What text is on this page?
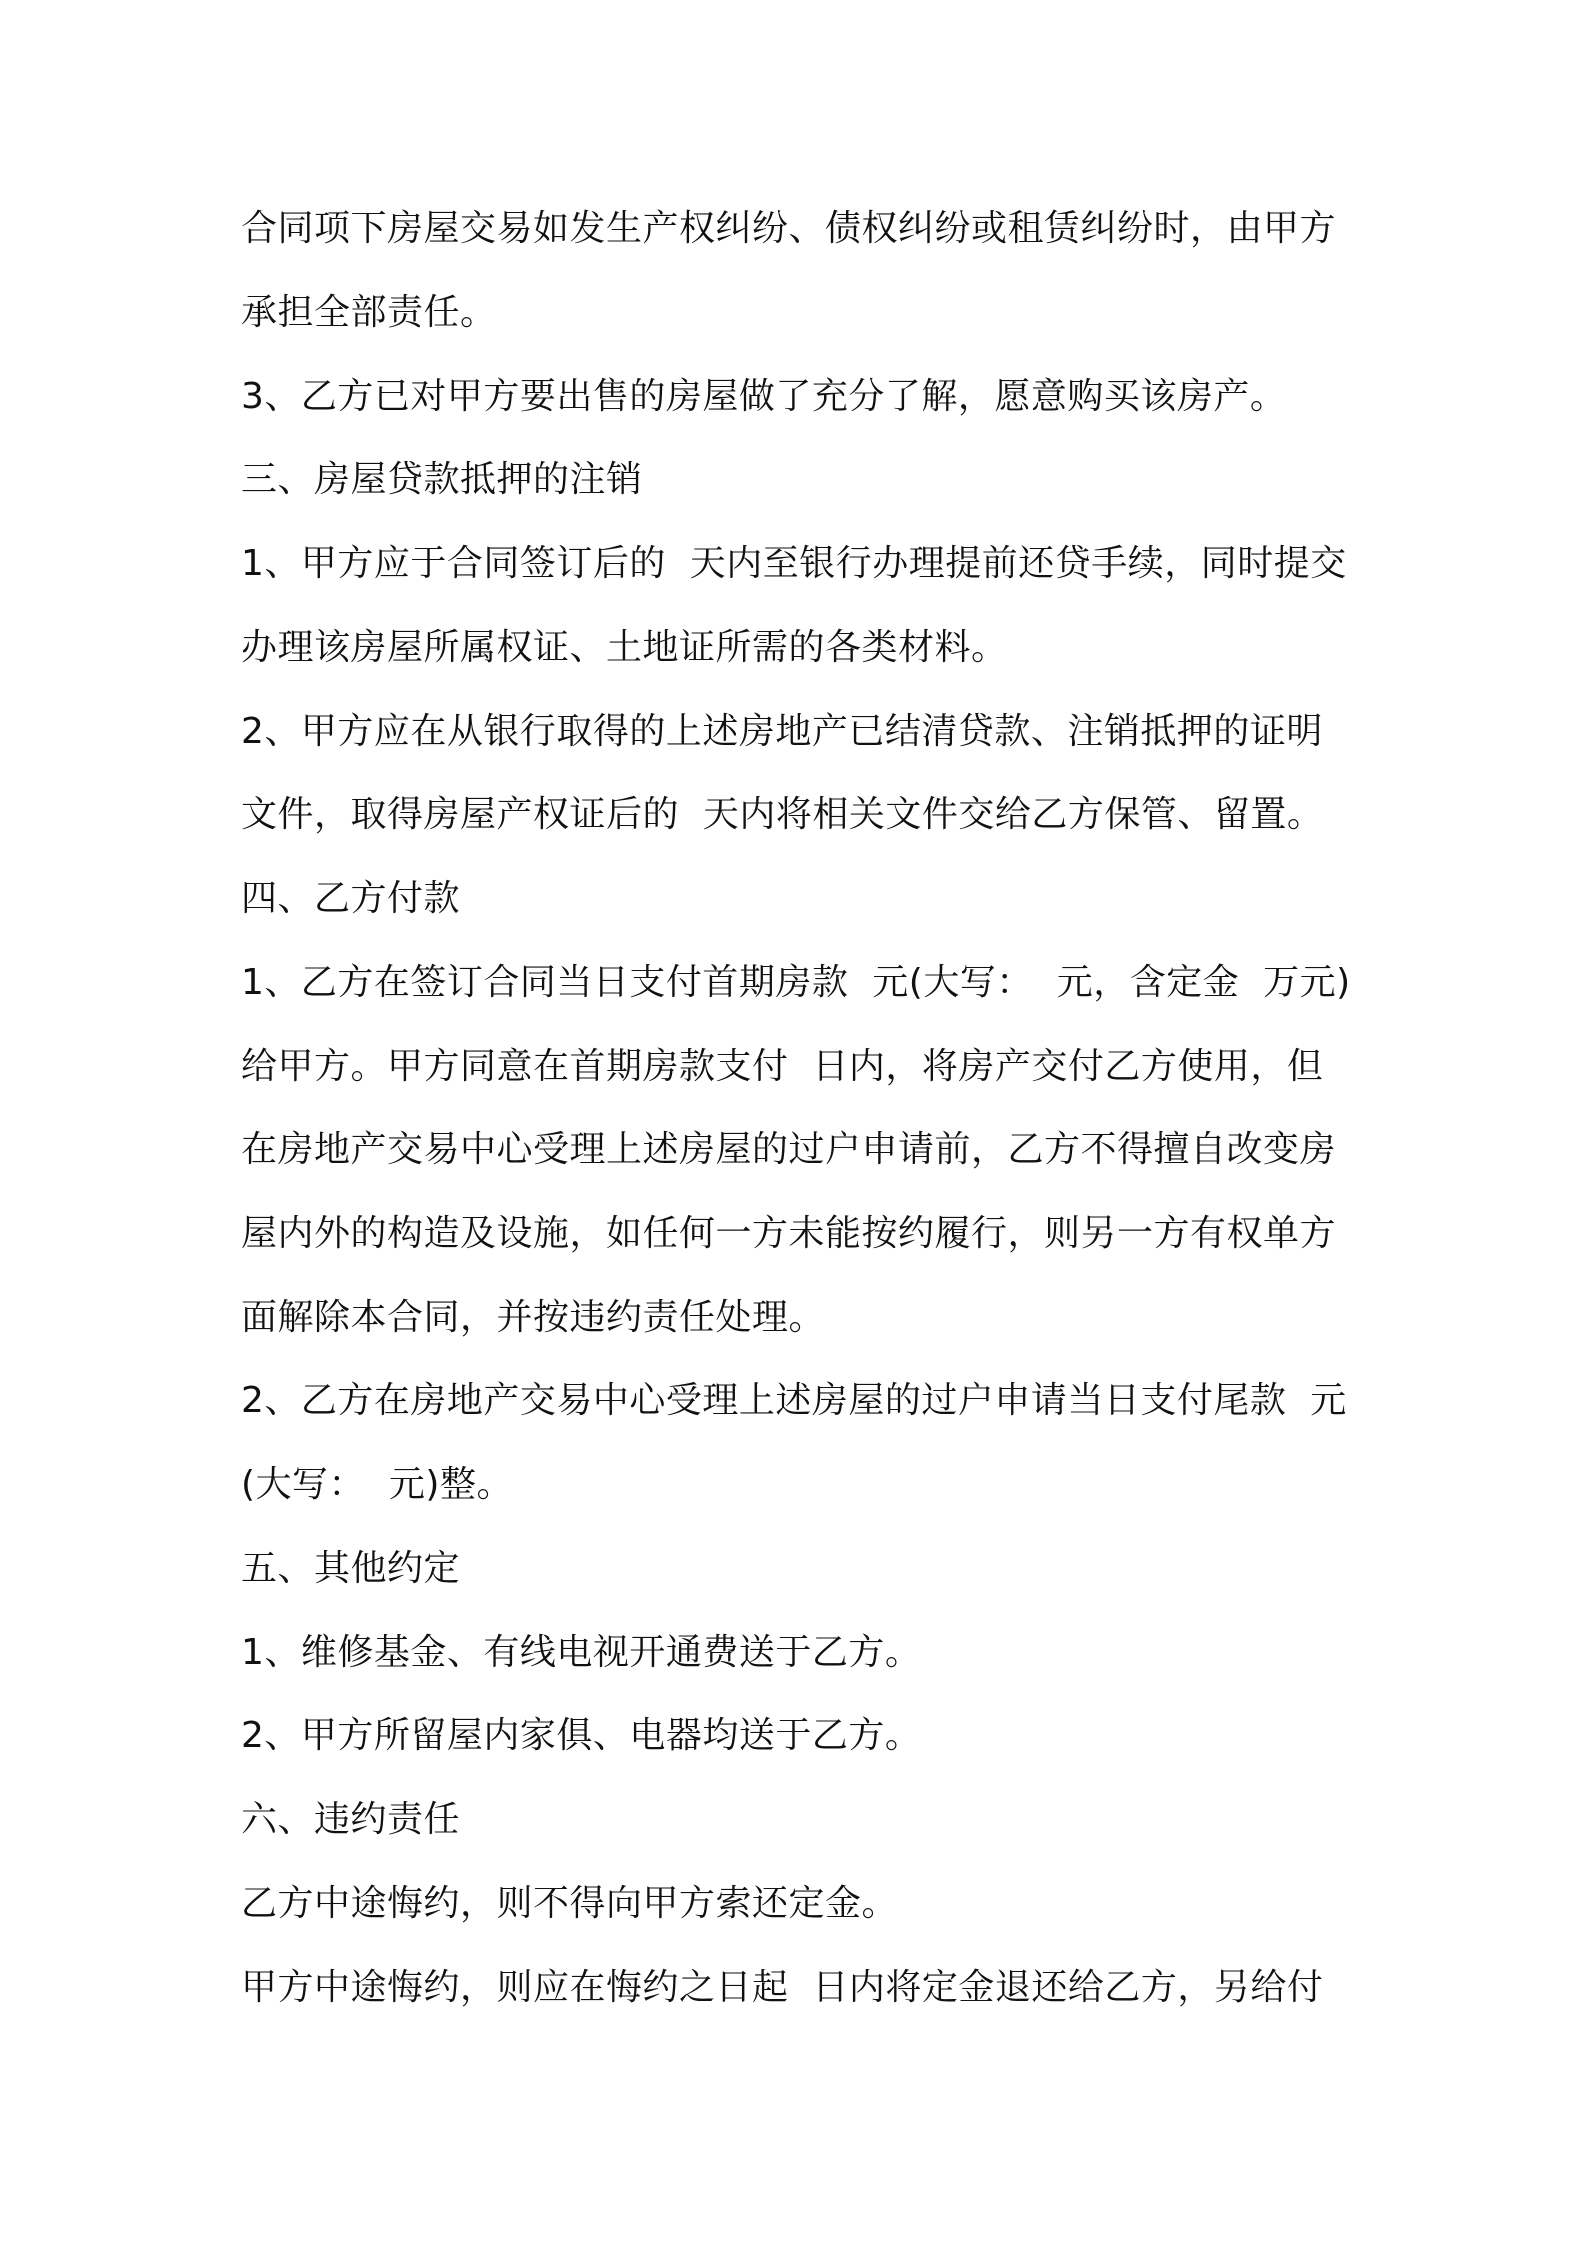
合同项下房屋交易如发生产权纠纷、债权纠纷或租赁纠纷时，由甲方

承担全部责任。

3、乙方已对甲方要出售的房屋做了充分了解，愿意购买该房产。

三、房屋贷款抵押的注销

1、甲方应于合同签订后的  天内至银行办理提前还贷手续，同时提交

办理该房屋所属权证、土地证所需的各类材料。

2、甲方应在从银行取得的上述房地产已结清贷款、注销抵押的证明

文件，取得房屋产权证后的  天内将相关文件交给乙方保管、留置。

四、乙方付款

1、乙方在签订合同当日支付首期房款  元(大写：  元，含定金  万元)

给甲方。甲方同意在首期房款支付  日内，将房产交付乙方使用，但

在房地产交易中心受理上述房屋的过户申请前，乙方不得擅自改变房

屋内外的构造及设施，如任何一方未能按约履行，则另一方有权单方

面解除本合同，并按违约责任处理。

2、乙方在房地产交易中心受理上述房屋的过户申请当日支付尾款  元

(大写：  元)整。

五、其他约定

1、维修基金、有线电视开通费送于乙方。

2、甲方所留屋内家俱、电器均送于乙方。

六、违约责任

乙方中途悔约，则不得向甲方索还定金。

甲方中途悔约，则应在悔约之日起  日内将定金退还给乙方，另给付
